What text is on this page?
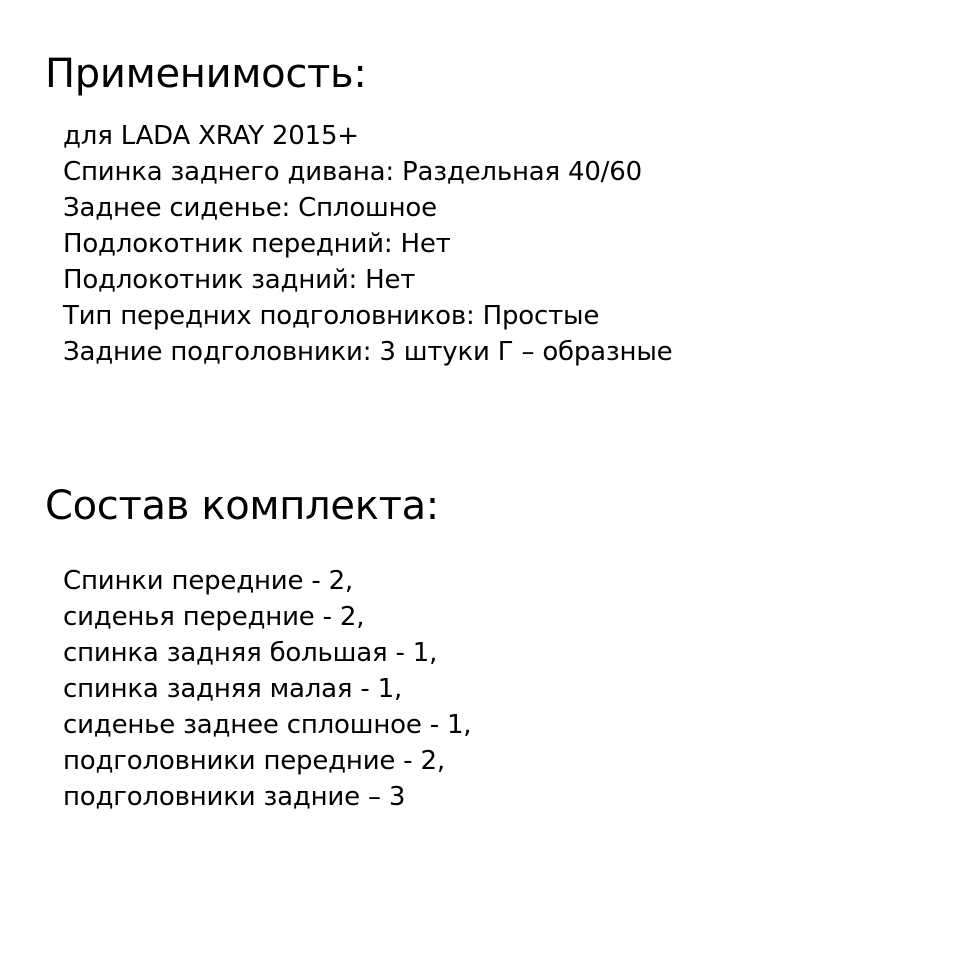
Применимость:
для LADA XRAY 2015+
Спинка заднего дивана: Раздельная 40/60
Заднее сиденье: Сплошное
Подлокотник передний: Нет
Подлокотник задний: Нет
Тип передних подголовников: Простые
Задние подголовники: 3 штуки Г – образные
Состав комплекта:
Спинки передние - 2,
сиденья передние - 2,
спинка задняя большая - 1,
спинка задняя малая - 1,
сиденье заднее сплошное - 1,
подголовники передние - 2,
подголовники задние – 3
